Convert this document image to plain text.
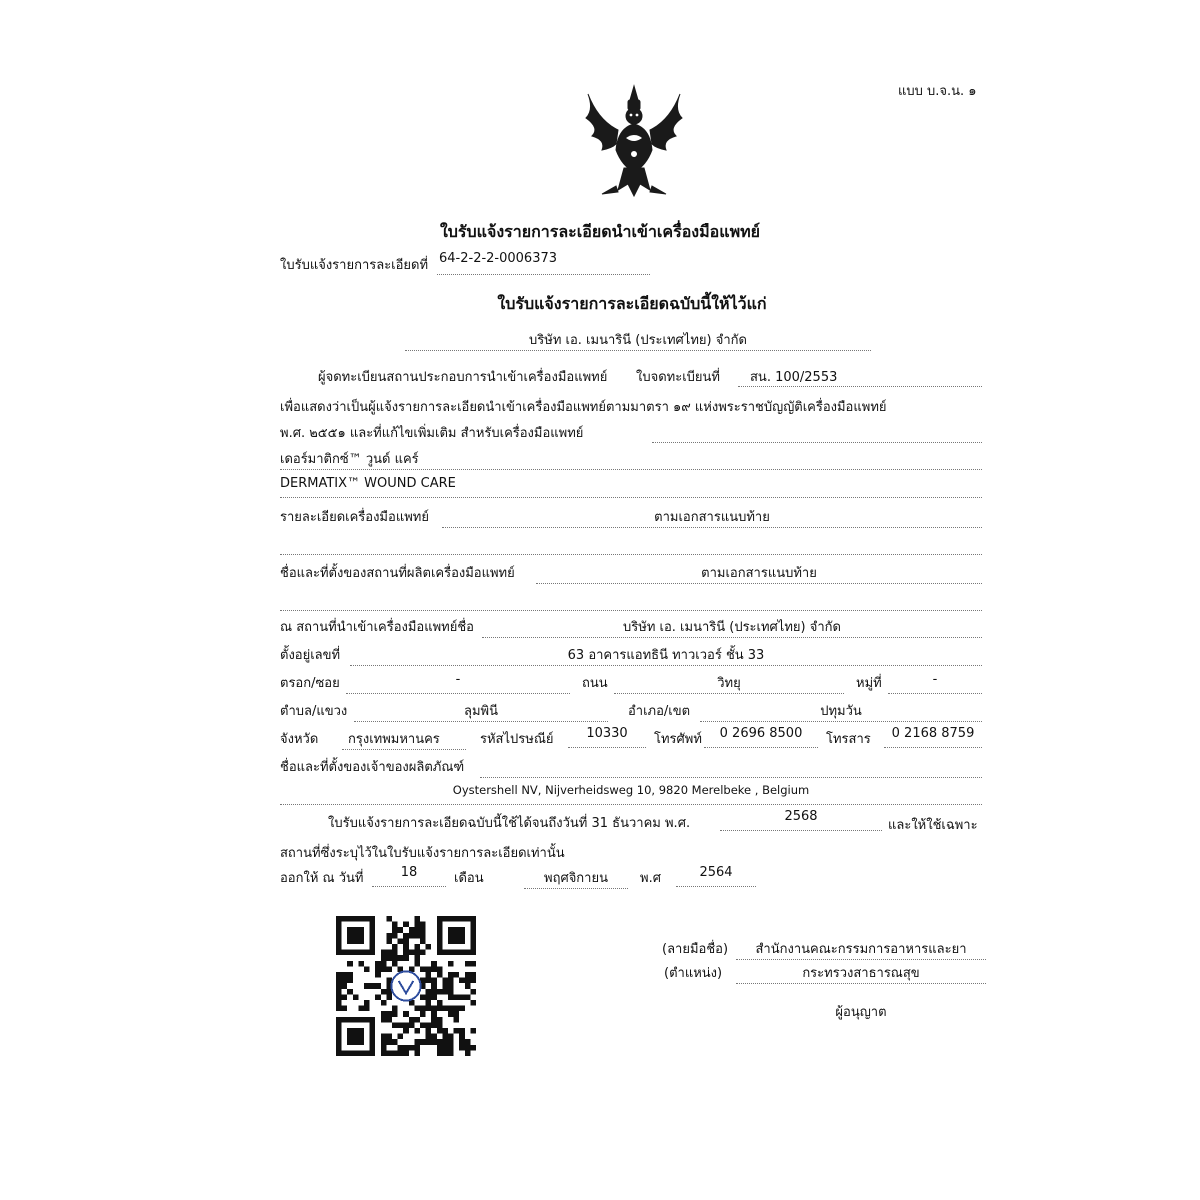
แบบ บ.จ.น. ๑
ใบรับแจ้งรายการละเอียดนำเข้าเครื่องมือแพทย์
ใบรับแจ้งรายการละเอียดที่ 64-2-2-2-0006373
ใบรับแจ้งรายการละเอียดฉบับนี้ให้ไว้แก่
บริษัท เอ. เมนารินี (ประเทศไทย) จำกัด
ผู้จดทะเบียนสถานประกอบการนำเข้าเครื่องมือแพทย์ ใบจดทะเบียนที่ สน. 100/2553
เพื่อแสดงว่าเป็นผู้แจ้งรายการละเอียดนำเข้าเครื่องมือแพทย์ตามมาตรา ๑๙ แห่งพระราชบัญญัติเครื่องมือแพทย์
พ.ศ. ๒๕๕๑ และที่แก้ไขเพิ่มเติม สำหรับเครื่องมือแพทย์
เดอร์มาติกซ์™ วูนด์ แคร์
DERMATIX™ WOUND CARE
รายละเอียดเครื่องมือแพทย์	ตามเอกสารแนบท้าย
ชื่อและที่ตั้งของสถานที่ผลิตเครื่องมือแพทย์	ตามเอกสารแนบท้าย
ณ สถานที่นำเข้าเครื่องมือแพทย์ชื่อ	บริษัท เอ. เมนารินี (ประเทศไทย) จำกัด
ตั้งอยู่เลขที่	63 อาคารแอทธินี ทาวเวอร์ ชั้น 33
ตรอก/ซอย	-	ถนน	วิทยุ	หมู่ที่	-
ตำบล/แขวง	ลุมพินี	อำเภอ/เขต	ปทุมวัน
จังหวัด กรุงเทพมหานคร	รหัสไปรษณีย์	10330	โทรศัพท์	0 2696 8500	โทรสาร	0 2168 8759
ชื่อและที่ตั้งของเจ้าของผลิตภัณฑ์
Oystershell NV, Nijverheidsweg 10, 9820 Merelbeke , Belgium
ใบรับแจ้งรายการละเอียดฉบับนี้ใช้ได้จนถึงวันที่ 31 ธันวาคม พ.ศ.	2568
และให้ใช้เฉพาะ
สถานที่ซึ่งระบุไว้ในใบรับแจ้งรายการละเอียดเท่านั้น
ออกให้ ณ วันที่	18	เดือน	พฤศจิกายน	พ.ศ	2564
(ลายมือชื่อ)	สำนักงานคณะกรรมการอาหารและยา
(ตำแหน่ง)	กระทรวงสาธารณสุข
ผู้อนุญาต
